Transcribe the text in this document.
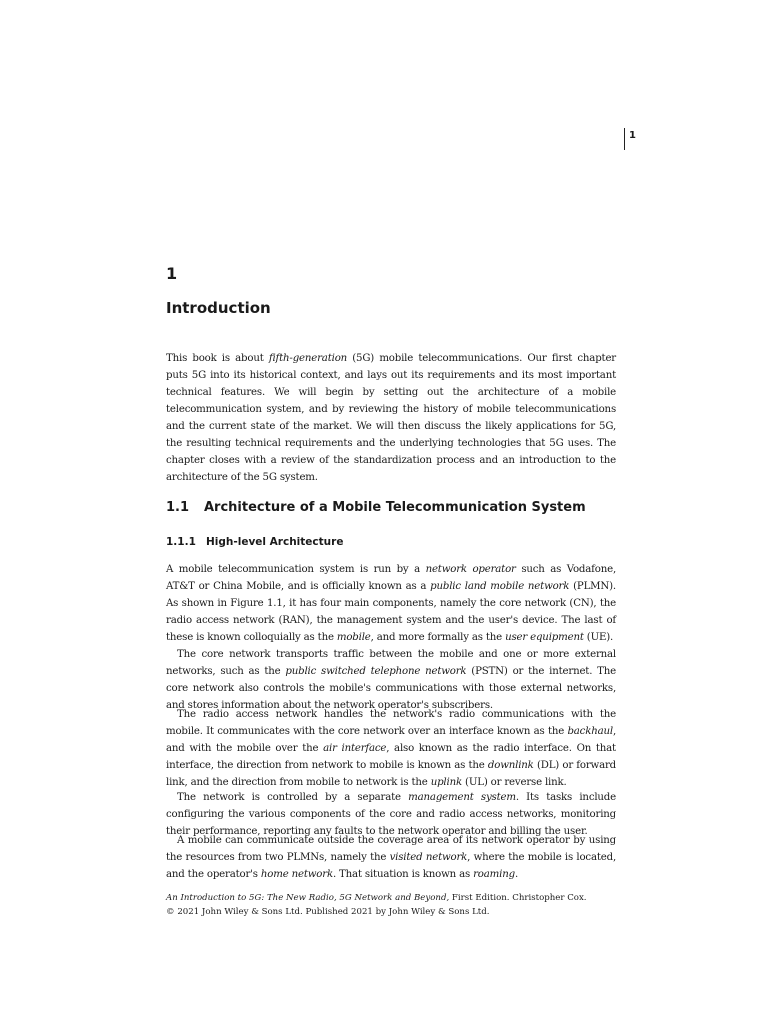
1
1
Introduction

This book is about fifth-generation (5G) mobile telecommunications. Our first chapter puts 5G into its historical context, and lays out its requirements and its most important technical features. We will begin by setting out the architecture of a mobile telecommunication system, and by reviewing the history of mobile telecommunications and the current state of the market. We will then discuss the likely applications for 5G, the resulting technical requirements and the underlying technologies that 5G uses. The chapter closes with a review of the standardization process and an introduction to the architecture of the 5G system.

1.1 Architecture of a Mobile Telecommunication System
1.1.1 High-level Architecture

A mobile telecommunication system is run by a network operator such as Vodafone, AT&T or China Mobile, and is officially known as a public land mobile network (PLMN). As shown in Figure 1.1, it has four main components, namely the core network (CN), the radio access network (RAN), the management system and the user's device. The last of these is known colloquially as the mobile, and more formally as the user equipment (UE).

The core network transports traffic between the mobile and one or more external networks, such as the public switched telephone network (PSTN) or the internet. The core network also controls the mobile's communications with those external networks, and stores information about the network operator's subscribers.

The radio access network handles the network's radio communications with the mobile. It communicates with the core network over an interface known as the backhaul, and with the mobile over the air interface, also known as the radio interface. On that interface, the direction from network to mobile is known as the downlink (DL) or forward link, and the direction from mobile to network is the uplink (UL) or reverse link.

The network is controlled by a separate management system. Its tasks include configuring the various components of the core and radio access networks, monitoring their performance, reporting any faults to the network operator and billing the user.

A mobile can communicate outside the coverage area of its network operator by using the resources from two PLMNs, namely the visited network, where the mobile is located, and the operator's home network. That situation is known as roaming.

An Introduction to 5G: The New Radio, 5G Network and Beyond, First Edition. Christopher Cox.
© 2021 John Wiley & Sons Ltd. Published 2021 by John Wiley & Sons Ltd.
